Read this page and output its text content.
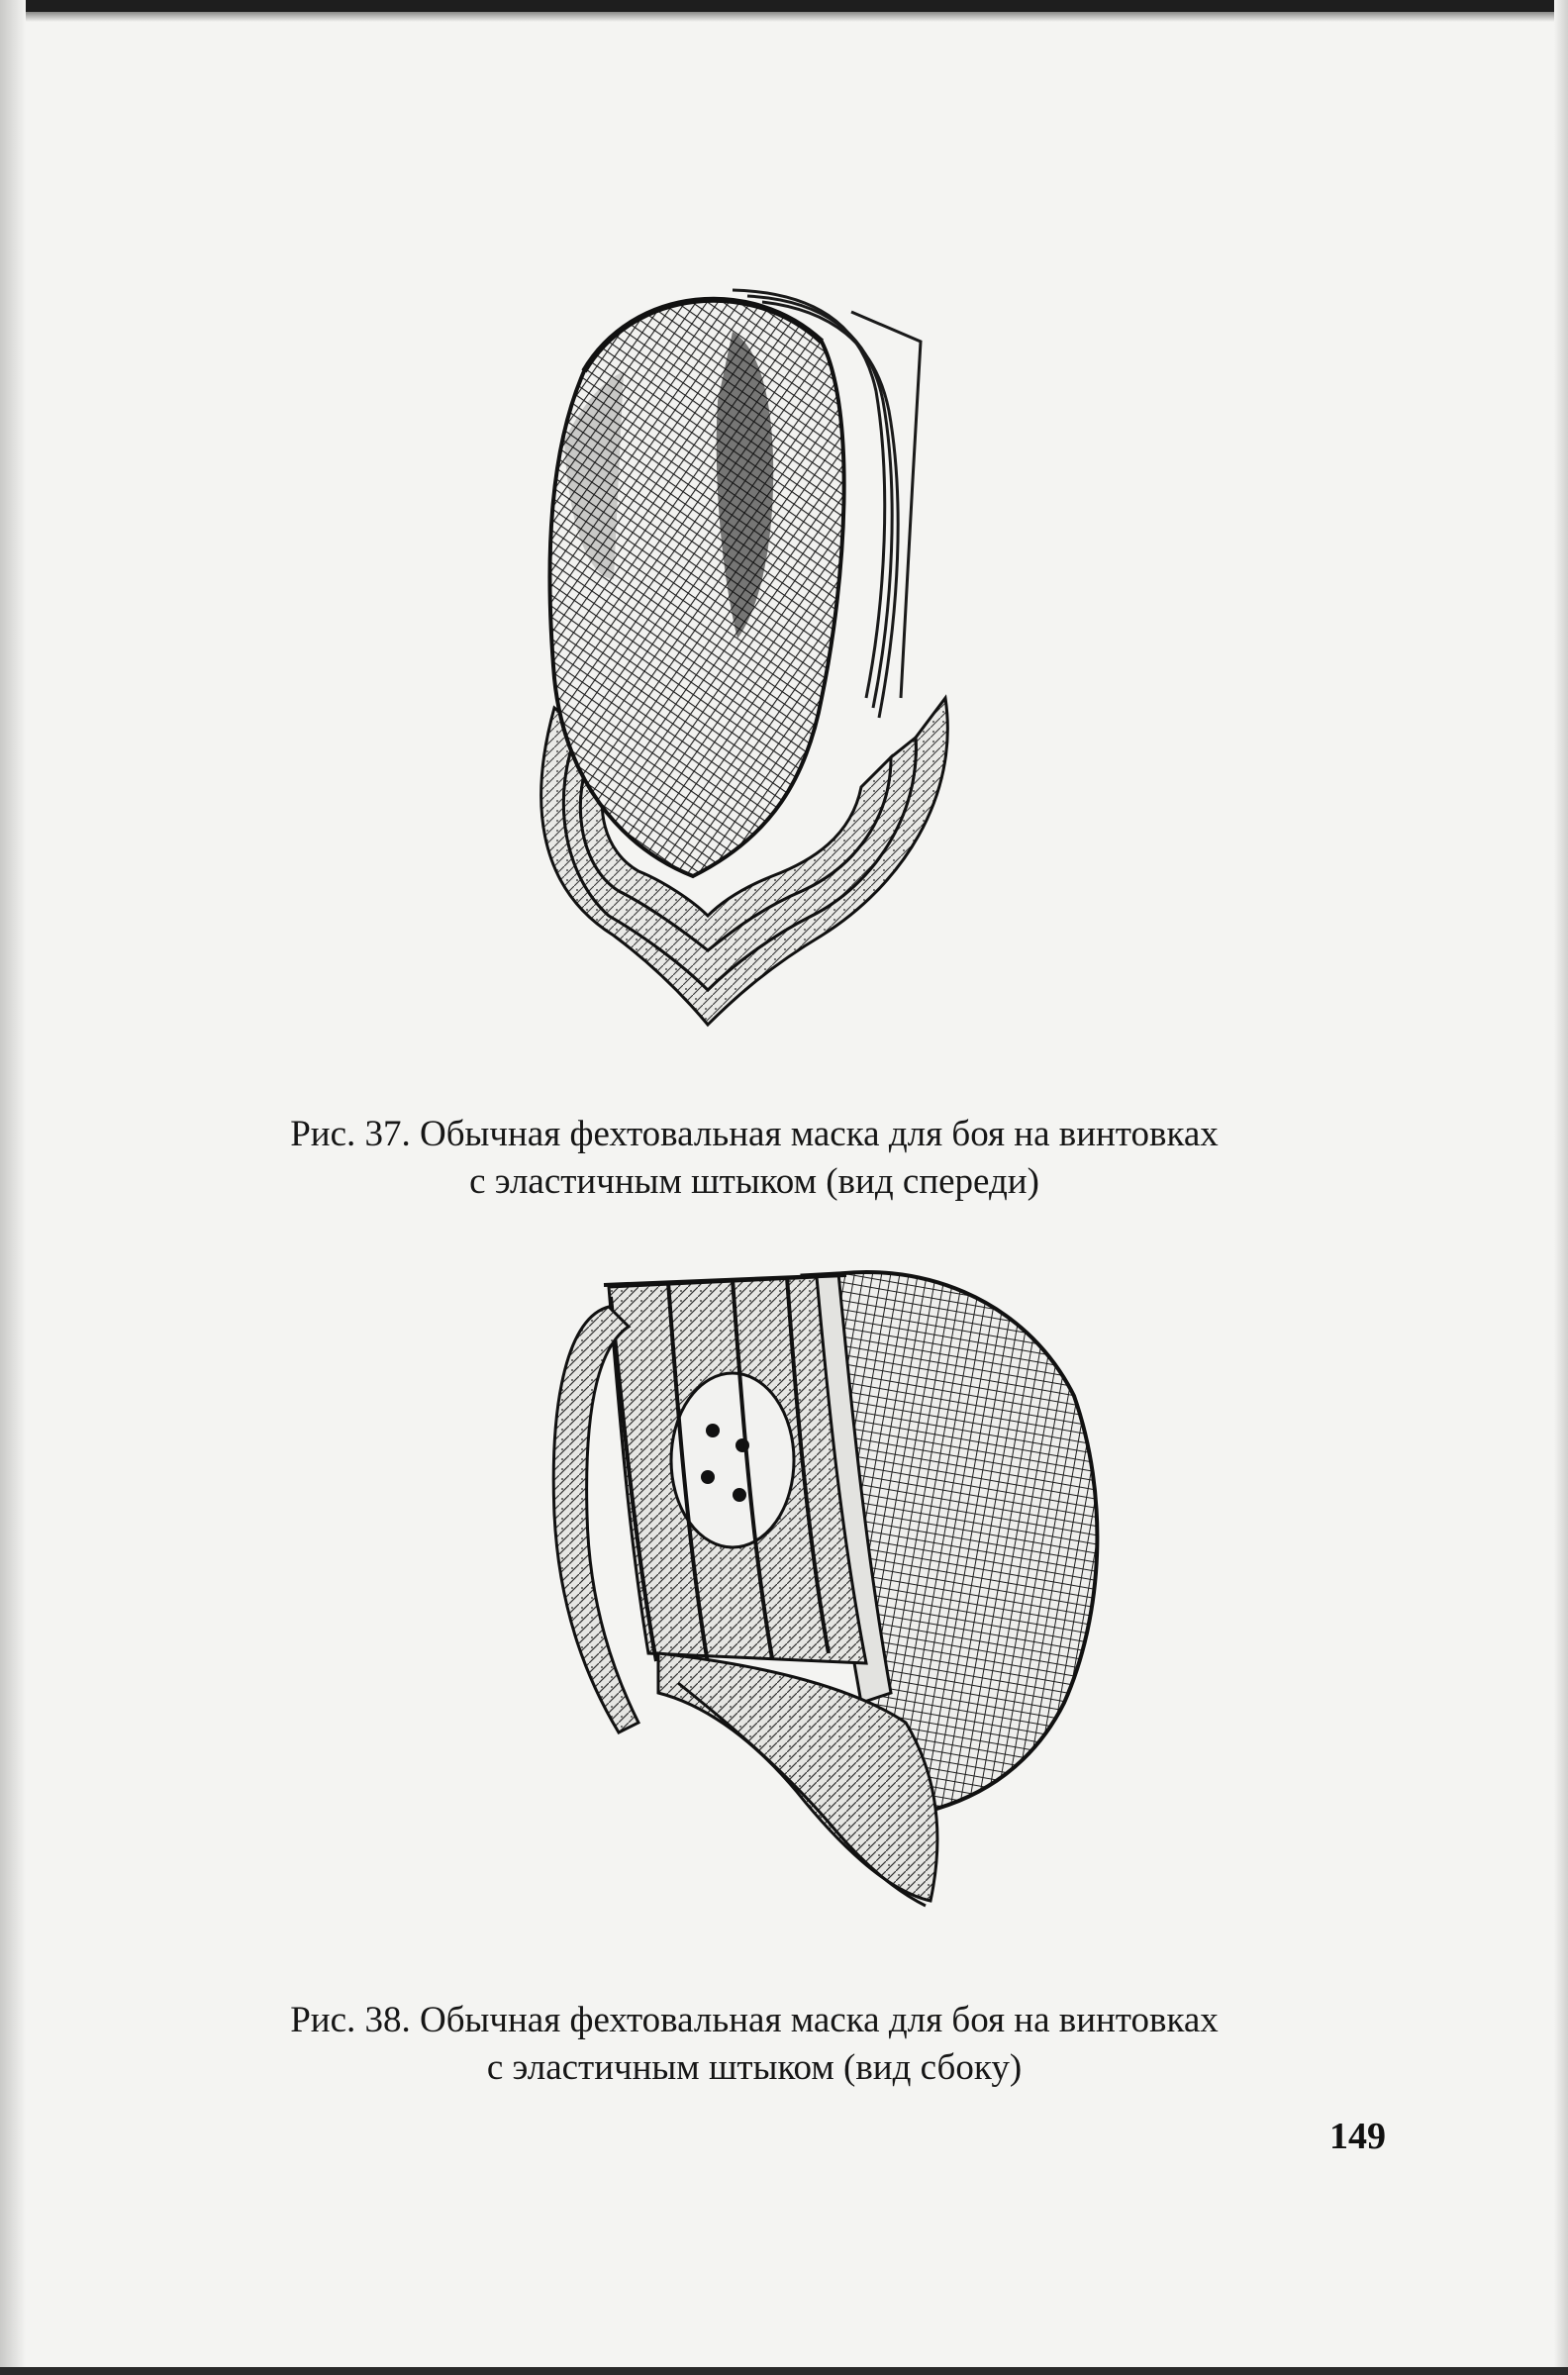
Рис. 37. Обычная фехтовальная маска для боя на винтовках
с эластичным штыком (вид спереди)
Рис. 38. Обычная фехтовальная маска для боя на винтовках
с эластичным штыком (вид сбоку)
149
